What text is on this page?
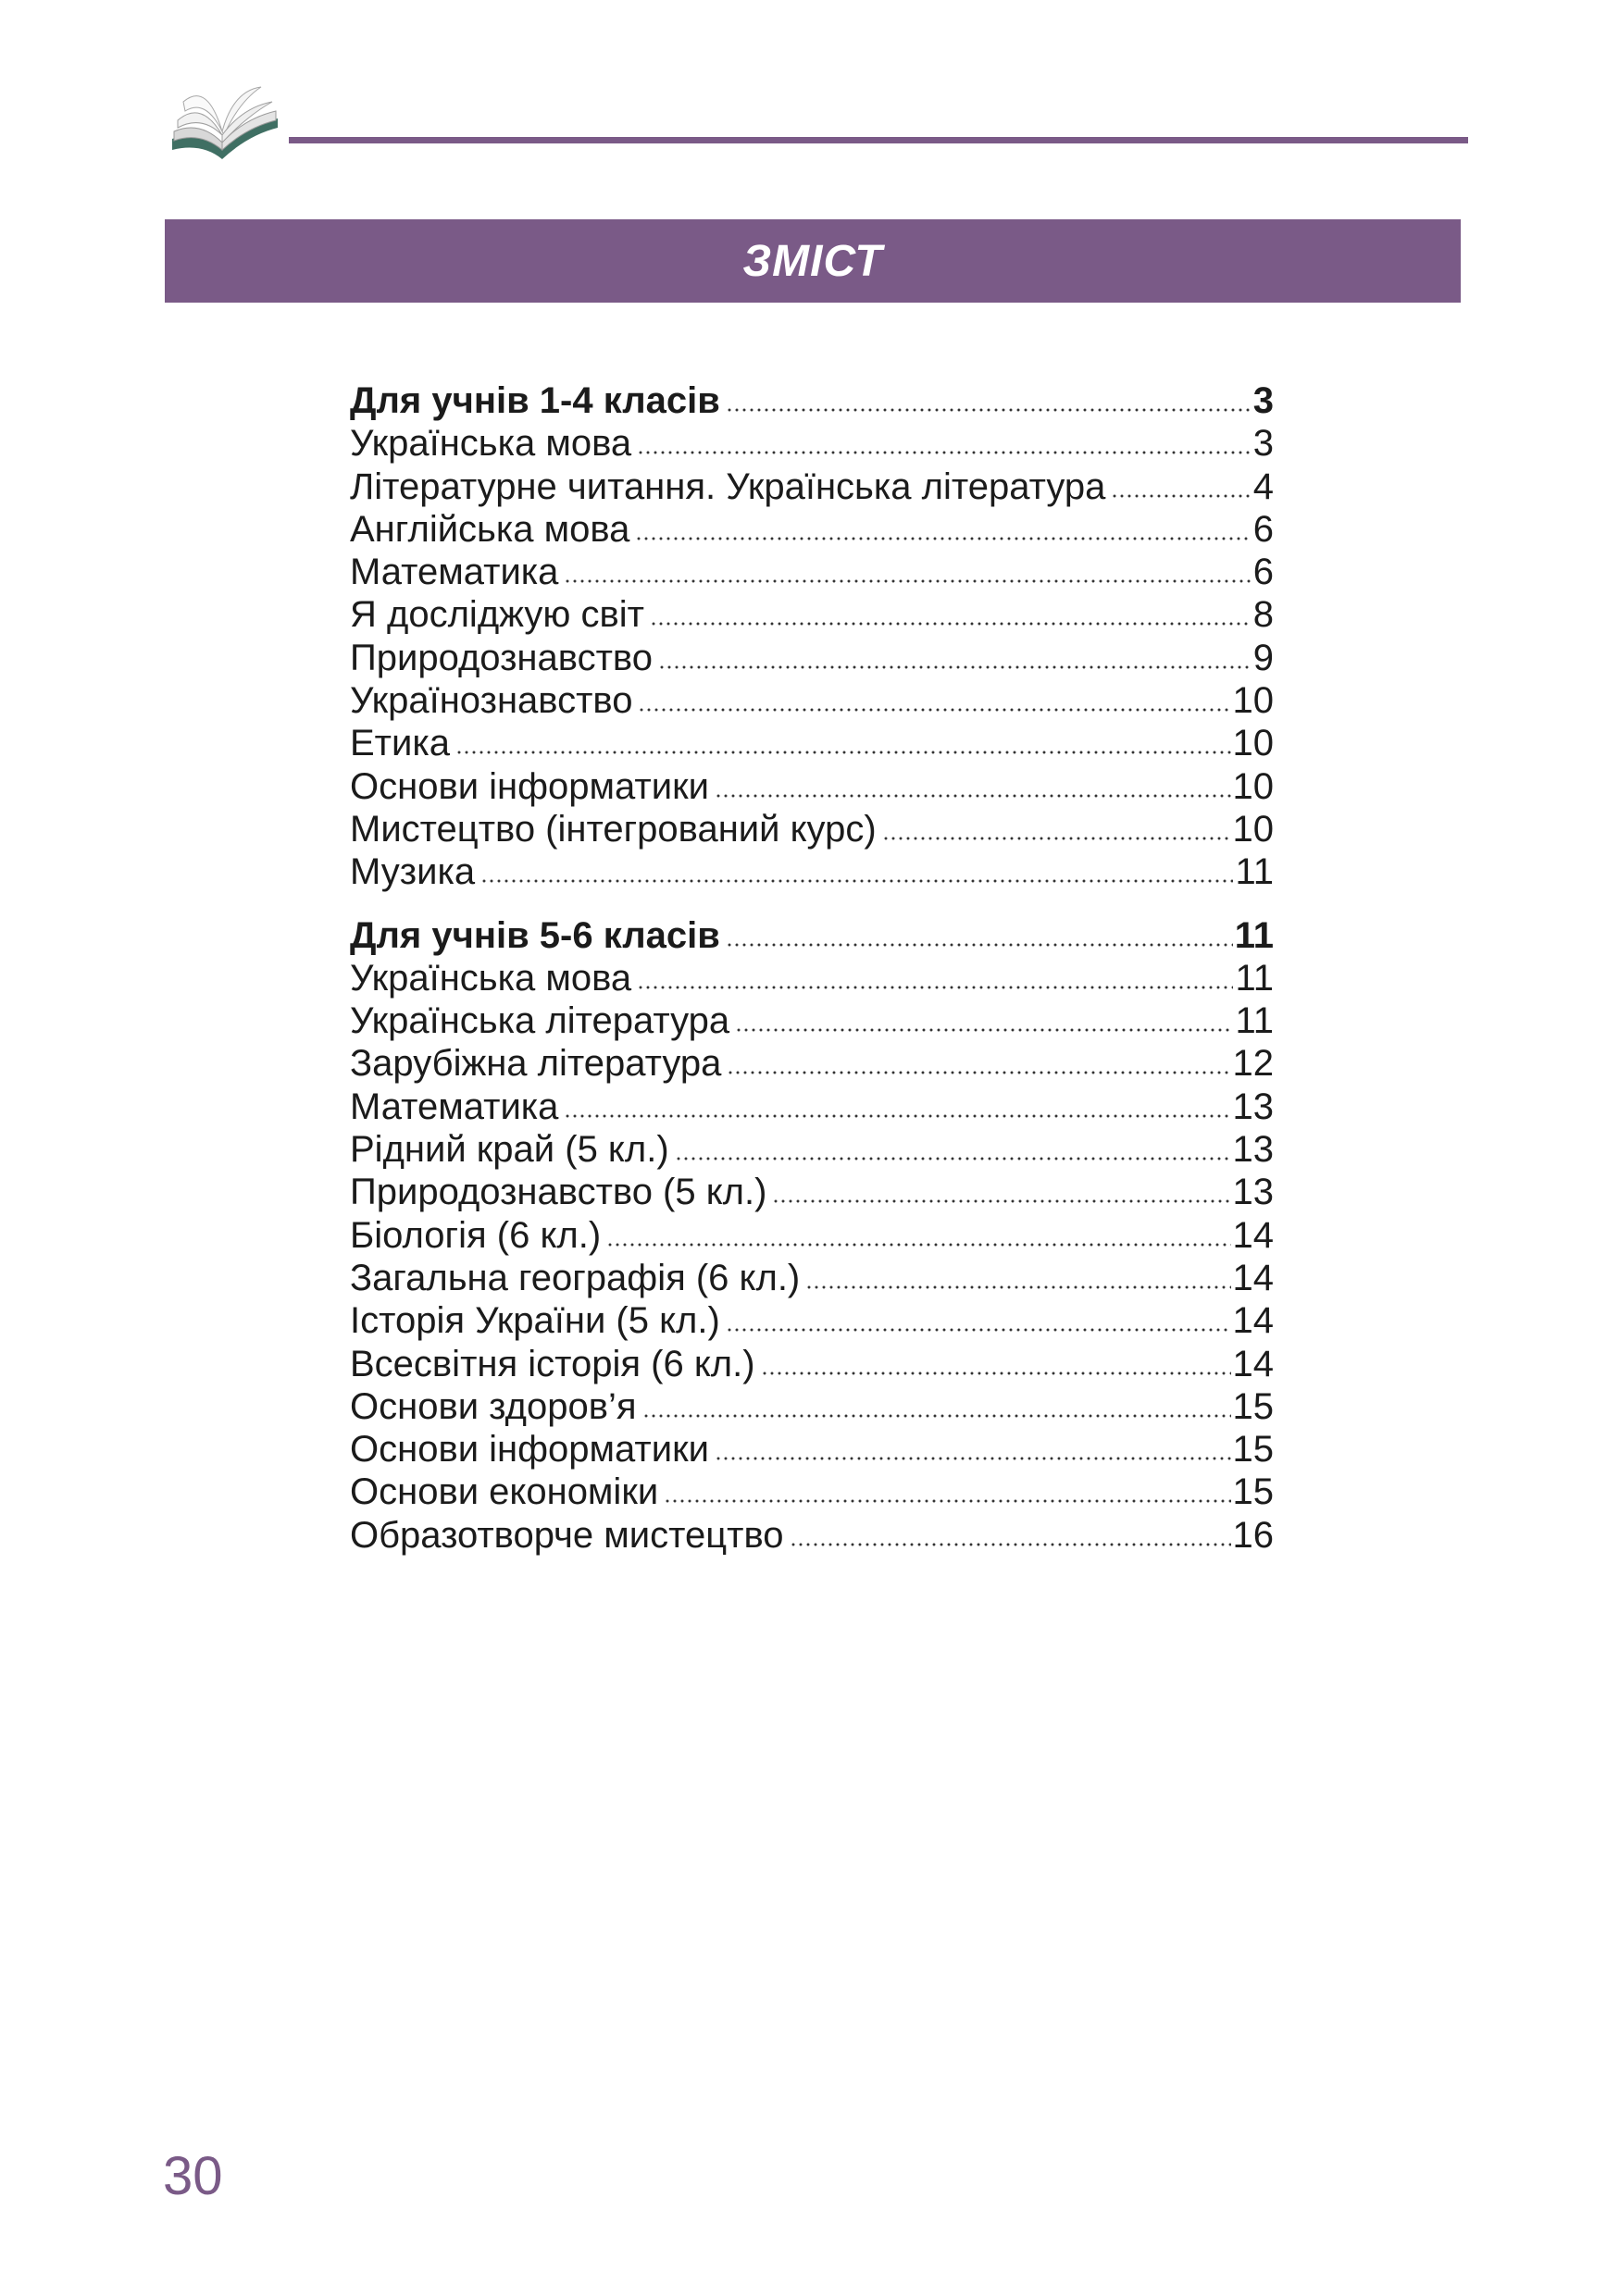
ЗМІСТ
Для учнів 1-4 класів	3
Українська мова	3
Літературне читання. Українська література	4
Англійська мова	6
Математика	6
Я досліджую світ	8
Природознавство	9
Українознавство	10
Етика	10
Основи інформатики	10
Мистецтво (інтегрований курс)	10
Музика	11
Для учнів 5-6 класів	11
Українська мова	11
Українська література	11
Зарубіжна література	12
Математика	13
Рідний край (5 кл.)	13
Природознавство (5 кл.)	13
Біологія (6 кл.)	14
Загальна географія (6 кл.)	14
Історія України (5 кл.)	14
Всесвітня історія (6 кл.)	14
Основи здоров’я	15
Основи інформатики	15
Основи економіки	15
Образотворче мистецтво	16
30
